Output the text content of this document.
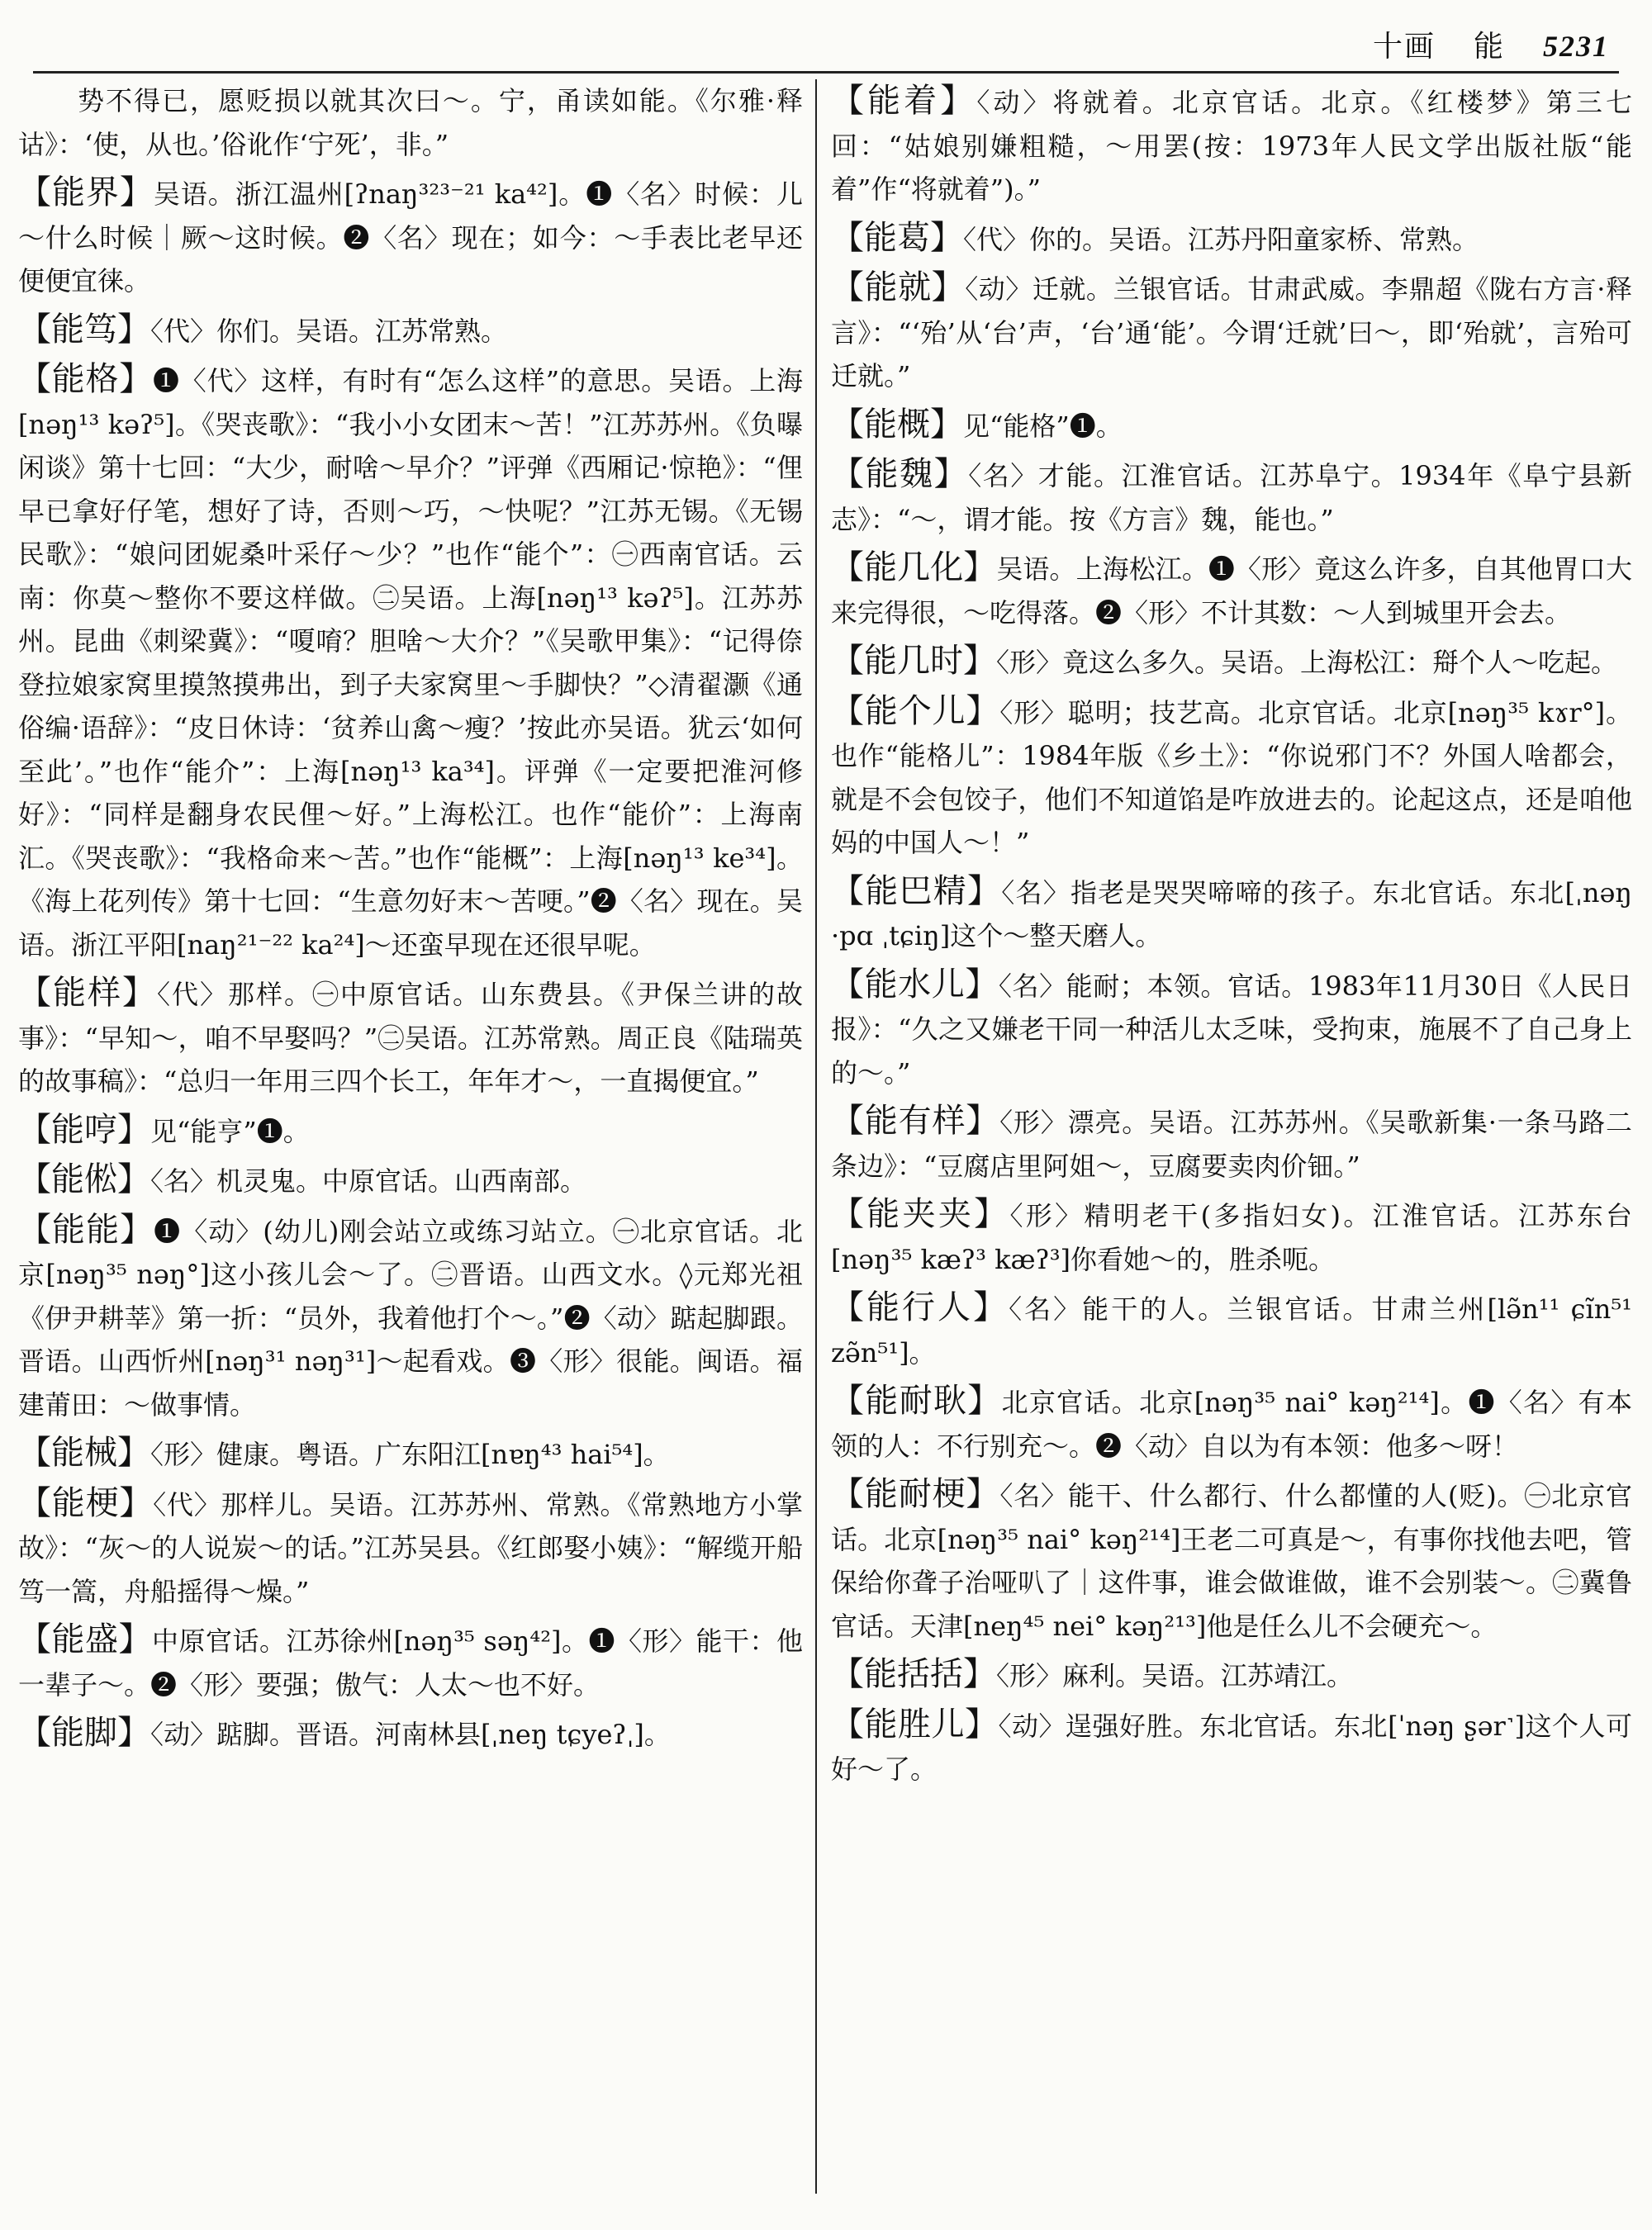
十画 能 5231

势不得已，愿贬损以就其次曰～。宁，甬读如能。《尔雅·释诂》：‘使，从也。’俗讹作‘宁死’，非。”

【能界】吴语。浙江温州[ʔnaŋ³²³⁻²¹ ka⁴²]。❶〈名〉时候：儿～什么时候｜厥～这时候。❷〈名〉现在；如今：～手表比老早还便便宜徕。

【能笃】〈代〉你们。吴语。江苏常熟。

【能格】❶〈代〉这样，有时有“怎么这样”的意思。吴语。上海[nəŋ¹³ kəʔ⁵]。《哭丧歌》：“我小小女团末～苦！”江苏苏州。《负曝闲谈》第十七回：“大少，耐啥～早介？”评弹《西厢记·惊艳》：“俚早已拿好仔笔，想好了诗，否则～巧，～快呢？”江苏无锡。《无锡民歌》：“娘问团妮桑叶采仔～少？”也作“能个”：㊀西南官话。云南：你莫～整你不要这样做。㊁吴语。上海[nəŋ¹³ kəʔ⁵]。江苏苏州。昆曲《刺梁冀》：“嗄唷？胆啥～大介？”《吴歌甲集》：“记得倷登拉娘家窝里摸煞摸弗出，到子夫家窝里～手脚快？”◇清翟灏《通俗编·语辞》：“皮日休诗：‘贫养山禽～瘦？’按此亦吴语。犹云‘如何至此’。”也作“能介”：上海[nəŋ¹³ ka³⁴]。评弹《一定要把淮河修好》：“同样是翻身农民俚～好。”上海松江。也作“能价”：上海南汇。《哭丧歌》：“我格命来～苦。”也作“能概”：上海[nəŋ¹³ ke³⁴]。《海上花列传》第十七回：“生意勿好末～苦哽。”❷〈名〉现在。吴语。浙江平阳[naŋ²¹⁻²² ka²⁴]～还蛮早现在还很早呢。

【能样】〈代〉那样。㊀中原官话。山东费县。《尹保兰讲的故事》：“早知～，咱不早娶吗？”㊁吴语。江苏常熟。周正良《陆瑞英的故事稿》：“总归一年用三四个长工，年年才～，一直揭便宜。”

【能哼】见“能亨”❶。

【能倯】〈名〉机灵鬼。中原官话。山西南部。

【能能】❶〈动〉(幼儿)刚会站立或练习站立。㊀北京官话。北京[nəŋ³⁵ nəŋ°]这小孩儿会～了。㊁晋语。山西文水。◊元郑光祖《伊尹耕莘》第一折：“员外，我着他打个～。”❷〈动〉踮起脚跟。晋语。山西忻州[nəŋ³¹ nəŋ³¹]～起看戏。❸〈形〉很能。闽语。福建莆田：～做事情。

【能械】〈形〉健康。粤语。广东阳江[nɐŋ⁴³ hai⁵⁴]。

【能梗】〈代〉那样儿。吴语。江苏苏州、常熟。《常熟地方小掌故》：“灰～的人说炭～的话。”江苏吴县。《红郎娶小姨》：“解缆开船笃一篙，舟船摇得～燥。”

【能盛】中原官话。江苏徐州[nəŋ³⁵ səŋ⁴²]。❶〈形〉能干：他一辈子～。❷〈形〉要强；傲气：人太～也不好。

【能脚】〈动〉踮脚。晋语。河南林县[ˌneŋ tɕyeʔˌ]。

【能着】〈动〉将就着。北京官话。北京。《红楼梦》第三七回：“姑娘别嫌粗糙，～用罢(按：1973年人民文学出版社版“能着”作“将就着”)。”

【能葛】〈代〉你的。吴语。江苏丹阳童家桥、常熟。

【能就】〈动〉迁就。兰银官话。甘肃武威。李鼎超《陇右方言·释言》：“‘殆’从‘台’声，‘台’通‘能’。今谓‘迁就’曰～，即‘殆就’，言殆可迁就。”

【能概】见“能格”❶。

【能魏】〈名〉才能。江淮官话。江苏阜宁。1934年《阜宁县新志》：“～，谓才能。按《方言》魏，能也。”

【能几化】吴语。上海松江。❶〈形〉竟这么许多，自其他胃口大来完得很，～吃得落。❷〈形〉不计其数：～人到城里开会去。

【能几时】〈形〉竟这么多久。吴语。上海松江：搿个人～吃起。

【能个儿】〈形〉聪明；技艺高。北京官话。北京[nəŋ³⁵ kɤr°]。也作“能格儿”：1984年版《乡土》：“你说邪门不？外国人啥都会，就是不会包饺子，他们不知道馅是咋放进去的。论起这点，还是咱他妈的中国人～！”

【能巴精】〈名〉指老是哭哭啼啼的孩子。东北官话。东北[ˌnəŋ ·pɑ ˌtɕiŋ]这个～整天磨人。

【能水儿】〈名〉能耐；本领。官话。1983年11月30日《人民日报》：“久之又嫌老干同一种活儿太乏味，受拘束，施展不了自己身上的～。”

【能有样】〈形〉漂亮。吴语。江苏苏州。《吴歌新集·一条马路二条边》：“豆腐店里阿姐～，豆腐要卖肉价钿。”

【能夹夹】〈形〉精明老干(多指妇女)。江淮官话。江苏东台[nəŋ³⁵ kæʔ³ kæʔ³]你看她～的，胜杀呃。

【能行人】〈名〉能干的人。兰银官话。甘肃兰州[lə̃n¹¹ ɕĩn⁵¹ zə̃n⁵¹]。

【能耐耿】北京官话。北京[nəŋ³⁵ nai° kəŋ²¹⁴]。❶〈名〉有本领的人：不行别充～。❷〈动〉自以为有本领：他多～呀！

【能耐梗】〈名〉能干、什么都行、什么都懂的人(贬)。㊀北京官话。北京[nəŋ³⁵ nai° kəŋ²¹⁴]王老二可真是～，有事你找他去吧，管保给你聋子治哑叭了｜这件事，谁会做谁做，谁不会别装～。㊁冀鲁官话。天津[neŋ⁴⁵ nei° kəŋ²¹³]他是任么儿不会硬充～。

【能括括】〈形〉麻利。吴语。江苏靖江。

【能胜儿】〈动〉逞强好胜。东北官话。东北[ˈnəŋ ʂər˺]这个人可好～了。
